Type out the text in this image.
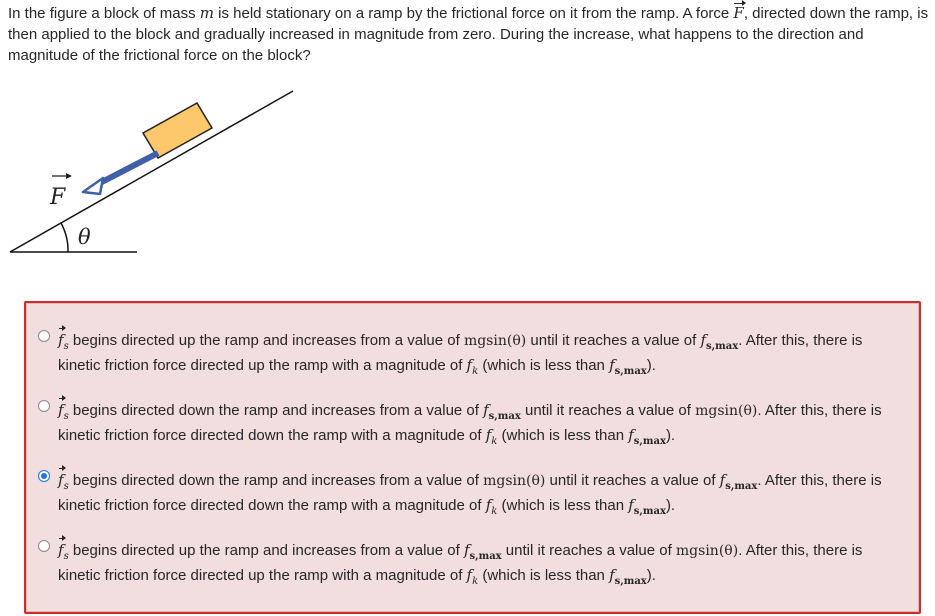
In the figure a block of mass m is held stationary on a ramp by the frictional force on it from the ramp. A force F, directed down the ramp, is then applied to the block and gradually increased in magnitude from zero. During the increase, what happens to the direction and magnitude of the frictional force on the block?
F
θ
$f_s$ begins directed up the ramp and increases from a value of mgsin(θ) until it reaches a value of $f_{s,max}$. After this, there is kinetic friction force directed up the ramp with a magnitude of $f_k$ (which is less than $f_{s,max}$).
$f_s$ begins directed down the ramp and increases from a value of $f_{s,max}$ until it reaches a value of mgsin(θ). After this, there is kinetic friction force directed down the ramp with a magnitude of $f_k$ (which is less than $f_{s,max}$).
$f_s$ begins directed down the ramp and increases from a value of mgsin(θ) until it reaches a value of $f_{s,max}$. After this, there is kinetic friction force directed down the ramp with a magnitude of $f_k$ (which is less than $f_{s,max}$).
$f_s$ begins directed up the ramp and increases from a value of $f_{s,max}$ until it reaches a value of mgsin(θ). After this, there is kinetic friction force directed up the ramp with a magnitude of $f_k$ (which is less than $f_{s,max}$).
